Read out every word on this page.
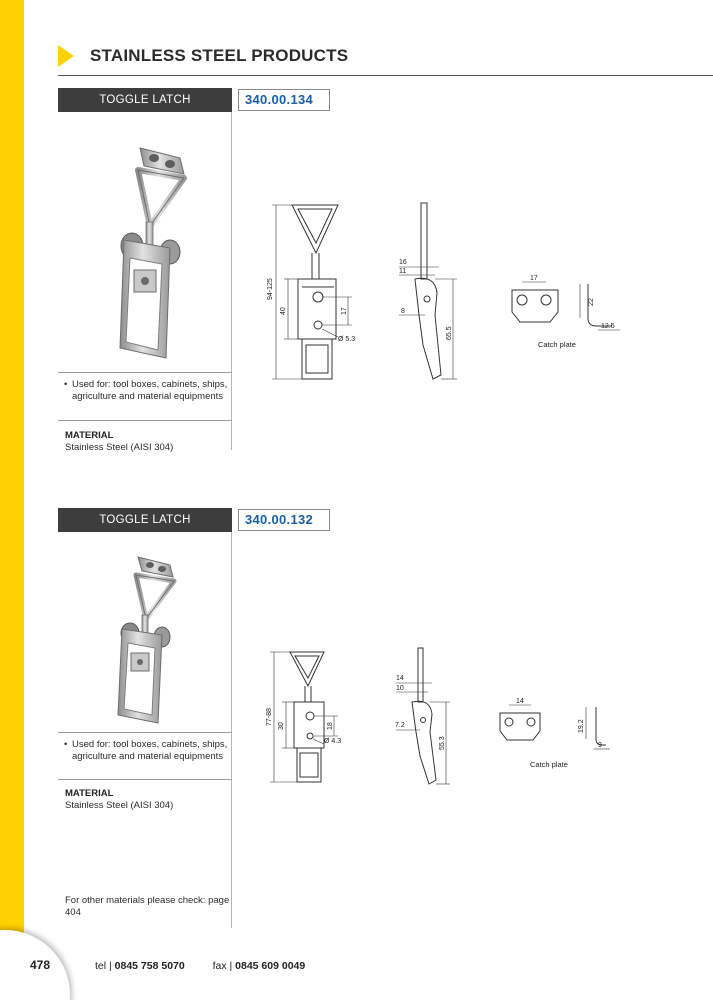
478
STAINLESS STEEL PRODUCTS
TOGGLE LATCH	340.00.134
• Used for: tool boxes, cabinets, ships, agriculture and material equipments
MATERIAL
Stainless Steel (AISI 304)
94-125
40	17
Ø 5.3
16
11
8
65.5
17
22
12.5
Catch plate
TOGGLE LATCH	340.00.132
• Used for: tool boxes, cabinets, ships, agriculture and material equipments
MATERIAL
Stainless Steel (AISI 304)
77-88
30	18
Ø 4.3
14
10
7.2
55.3
14
19.2
9
Catch plate
For other materials please check: page 404
tel | 0845 758 5070	fax | 0845 609 0049
